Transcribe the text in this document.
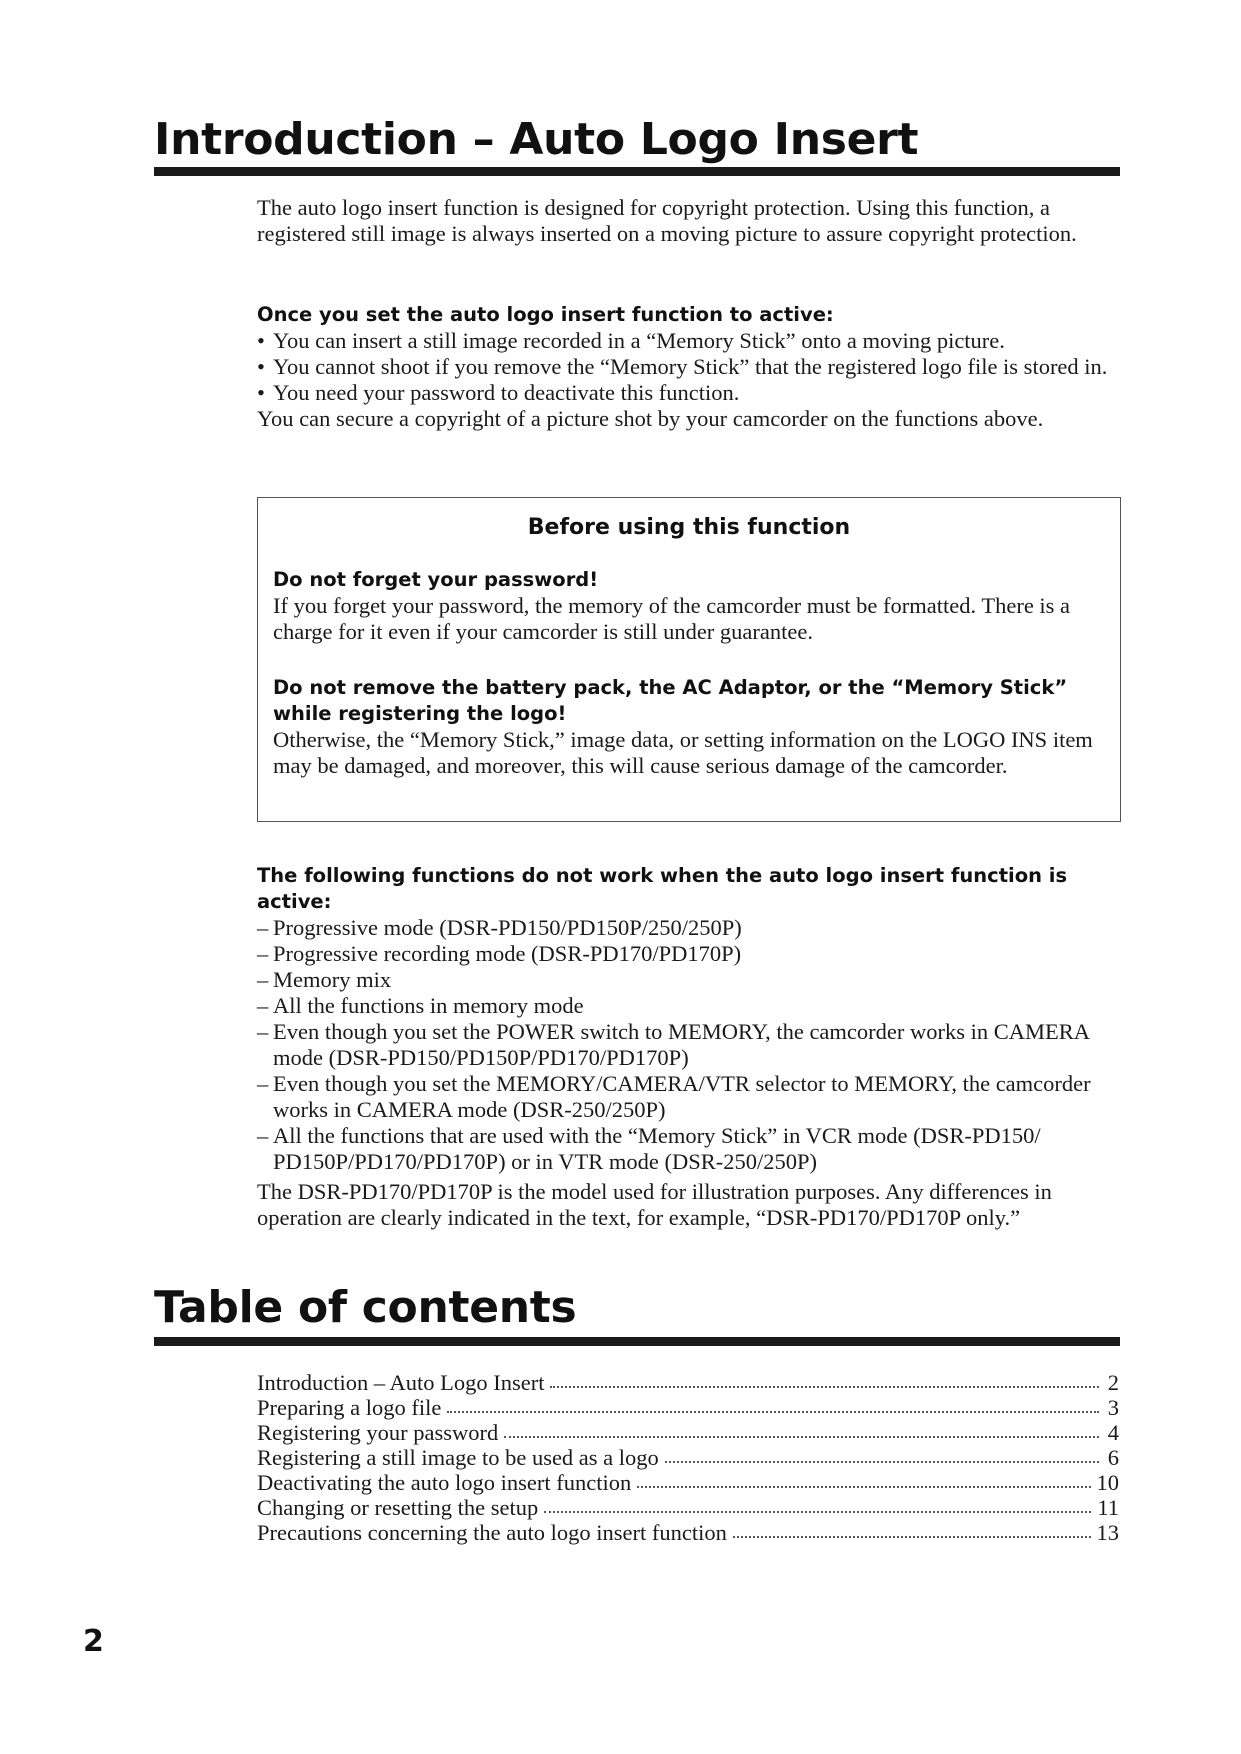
Introduction – Auto Logo Insert

The auto logo insert function is designed for copyright protection. Using this function, a registered still image is always inserted on a moving picture to assure copyright protection.

Once you set the auto logo insert function to active:

• You can insert a still image recorded in a “Memory Stick” onto a moving picture.
• You cannot shoot if you remove the “Memory Stick” that the registered logo file is stored in.
• You need your password to deactivate this function.

You can secure a copyright of a picture shot by your camcorder on the functions above.

Before using this function

Do not forget your password!

If you forget your password, the memory of the camcorder must be formatted. There is a charge for it even if your camcorder is still under guarantee.

Do not remove the battery pack, the AC Adaptor, or the “Memory Stick” while registering the logo!

Otherwise, the “Memory Stick,” image data, or setting information on the LOGO INS item may be damaged, and moreover, this will cause serious damage of the camcorder.

The following functions do not work when the auto logo insert function is active:

– Progressive mode (DSR-PD150/PD150P/250/250P)
– Progressive recording mode (DSR-PD170/PD170P)
– Memory mix
– All the functions in memory mode
– Even though you set the POWER switch to MEMORY, the camcorder works in CAMERA mode (DSR-PD150/PD150P/PD170/PD170P)
– Even though you set the MEMORY/CAMERA/VTR selector to MEMORY, the camcorder works in CAMERA mode (DSR-250/250P)
– All the functions that are used with the “Memory Stick” in VCR mode (DSR-PD150/ PD150P/PD170/PD170P) or in VTR mode (DSR-250/250P)

The DSR-PD170/PD170P is the model used for illustration purposes. Any differences in operation are clearly indicated in the text, for example, “DSR-PD170/PD170P only.”

Table of contents
Introduction – Auto Logo Insert	2
Preparing a logo file	3
Registering your password	4
Registering a still image to be used as a logo	6
Deactivating the auto logo insert function	10
Changing or resetting the setup	11
Precautions concerning the auto logo insert function	13
2
